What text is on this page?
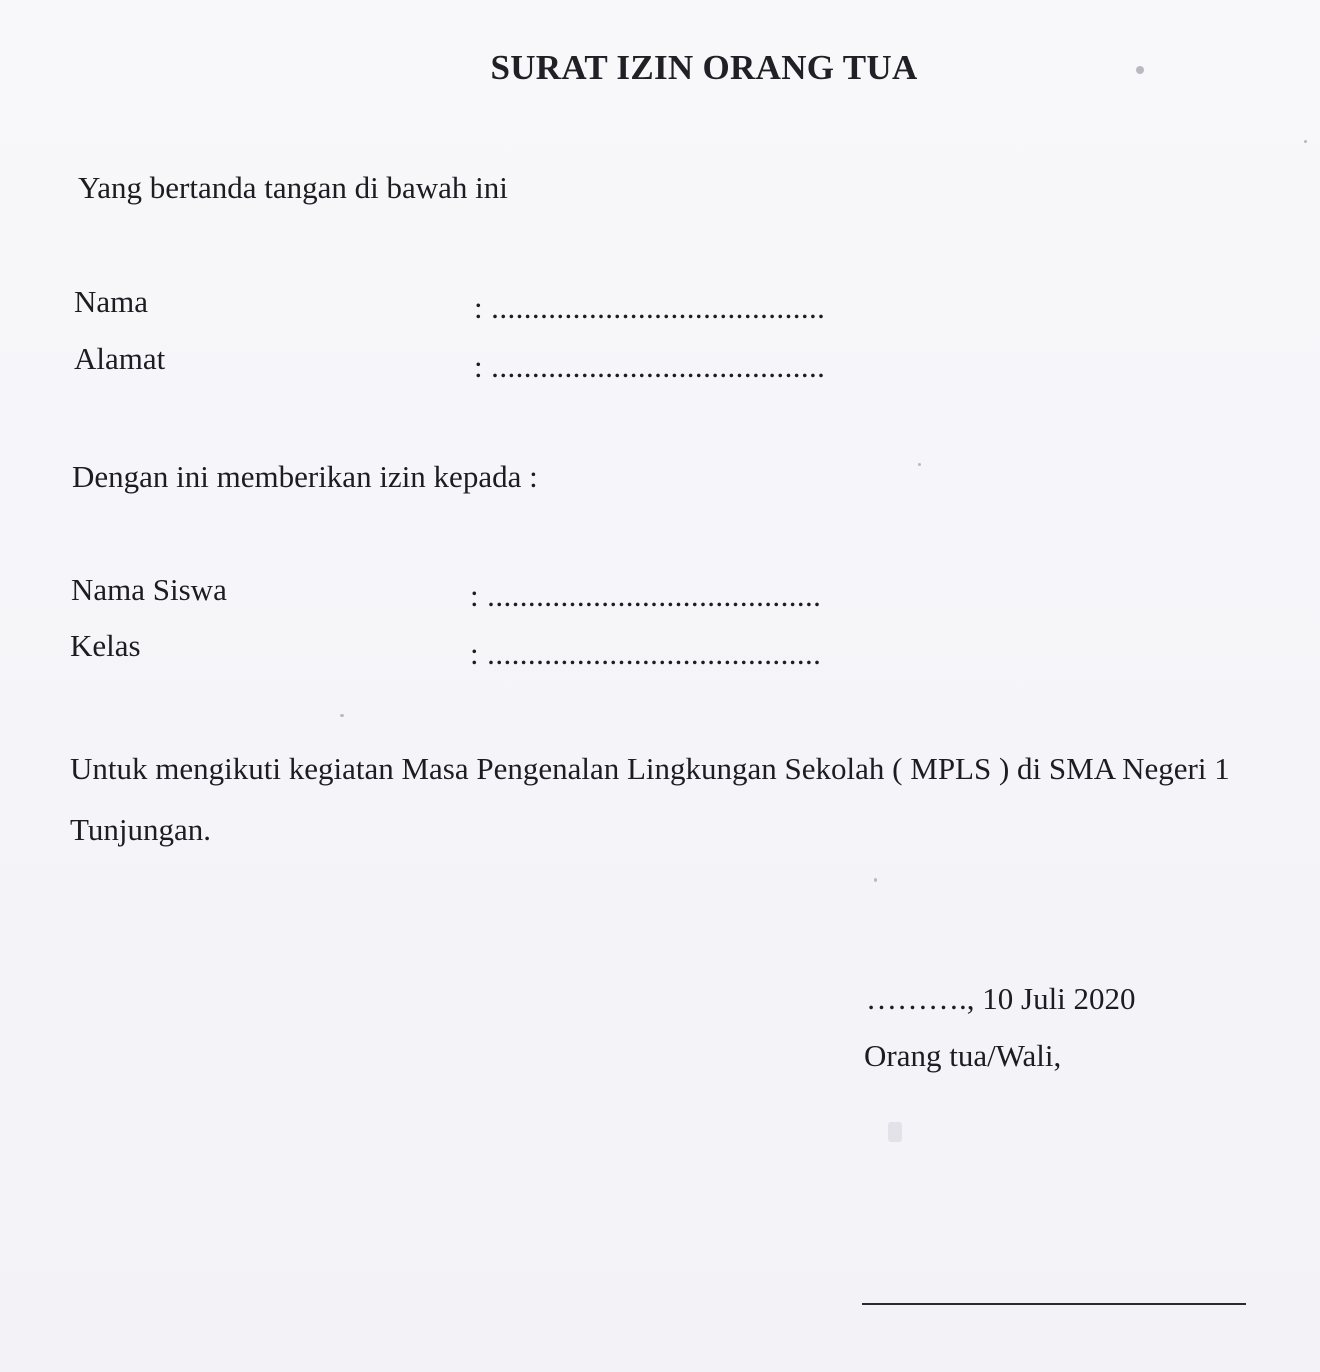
SURAT IZIN ORANG TUA
Yang bertanda tangan di bawah ini
Nama	: .........................................
Alamat	: .........................................
Dengan ini memberikan izin kepada :
Nama Siswa	: .........................................
Kelas	: .........................................
Untuk mengikuti kegiatan Masa Pengenalan Lingkungan Sekolah ( MPLS ) di SMA Negeri 1 Tunjungan.
………., 10 Juli 2020
Orang tua/Wali,
